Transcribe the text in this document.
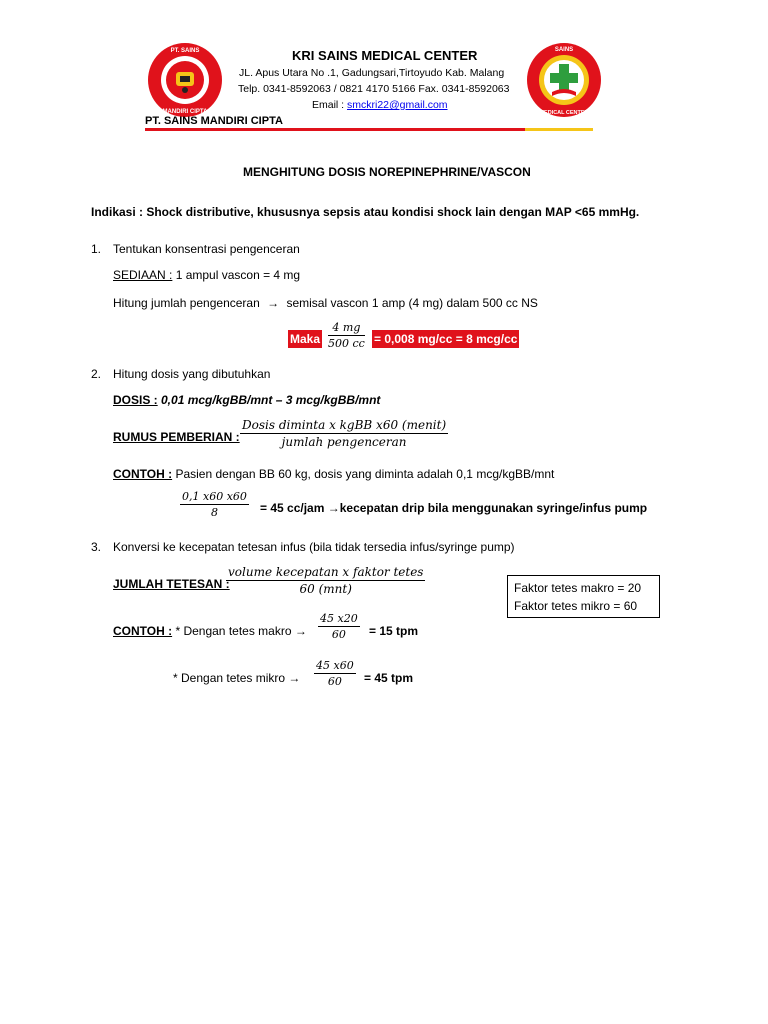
PT. SAINS
MANDIRI CIPTA
KRI SAINS MEDICAL CENTER
JL. Apus Utara No .1, Gadungsari,Tirtoyudo Kab. Malang
Telp. 0341-8592063 / 0821 4170 5166 Fax. 0341-8592063
Email : smckri22@gmail.com
PT. SAINS MANDIRI CIPTA
SAINS
MEDICAL CENTER
MENGHITUNG DOSIS NOREPINEPHRINE/VASCON
Indikasi : Shock distributive, khususnya sepsis atau kondisi shock lain dengan MAP <65 mmHg.
1. Tentukan konsentrasi pengenceran
SEDIAAN : 1 ampul vascon = 4 mg
Hitung jumlah pengenceran → semisal vascon 1 amp (4 mg) dalam 500 cc NS
Maka $\frac{4 mg}{500 cc} = 0,008$ mg/cc = 8 mcg/cc
2. Hitung dosis yang dibutuhkan
DOSIS : 0,01 mcg/kgBB/mnt – 3 mcg/kgBB/mnt
RUMUS PEMBERIAN :
Dosis diminta x kgBB x60 (menit)
jumlah pengenceran
CONTOH : Pasien dengan BB 60 kg, dosis yang diminta adalah 0,1 mcg/kgBB/mnt
$\frac{0,1 x60 x60}{8} = 45$ cc/jam →kecepatan drip bila menggunakan syringe/infus pump
3. Konversi ke kecepatan tetesan infus (bila tidak tersedia infus/syringe pump)
JUMLAH TETESAN :
volume kecepatan x faktor tetes
60 (mnt)	Faktor tetes makro = 20
Faktor tetes mikro = 60
CONTOH : * Dengan tetes makro → $\frac{45 x20}{60} = 15$ tpm
* Dengan tetes mikro → $\frac{45 x60}{60} = 45$ tpm
